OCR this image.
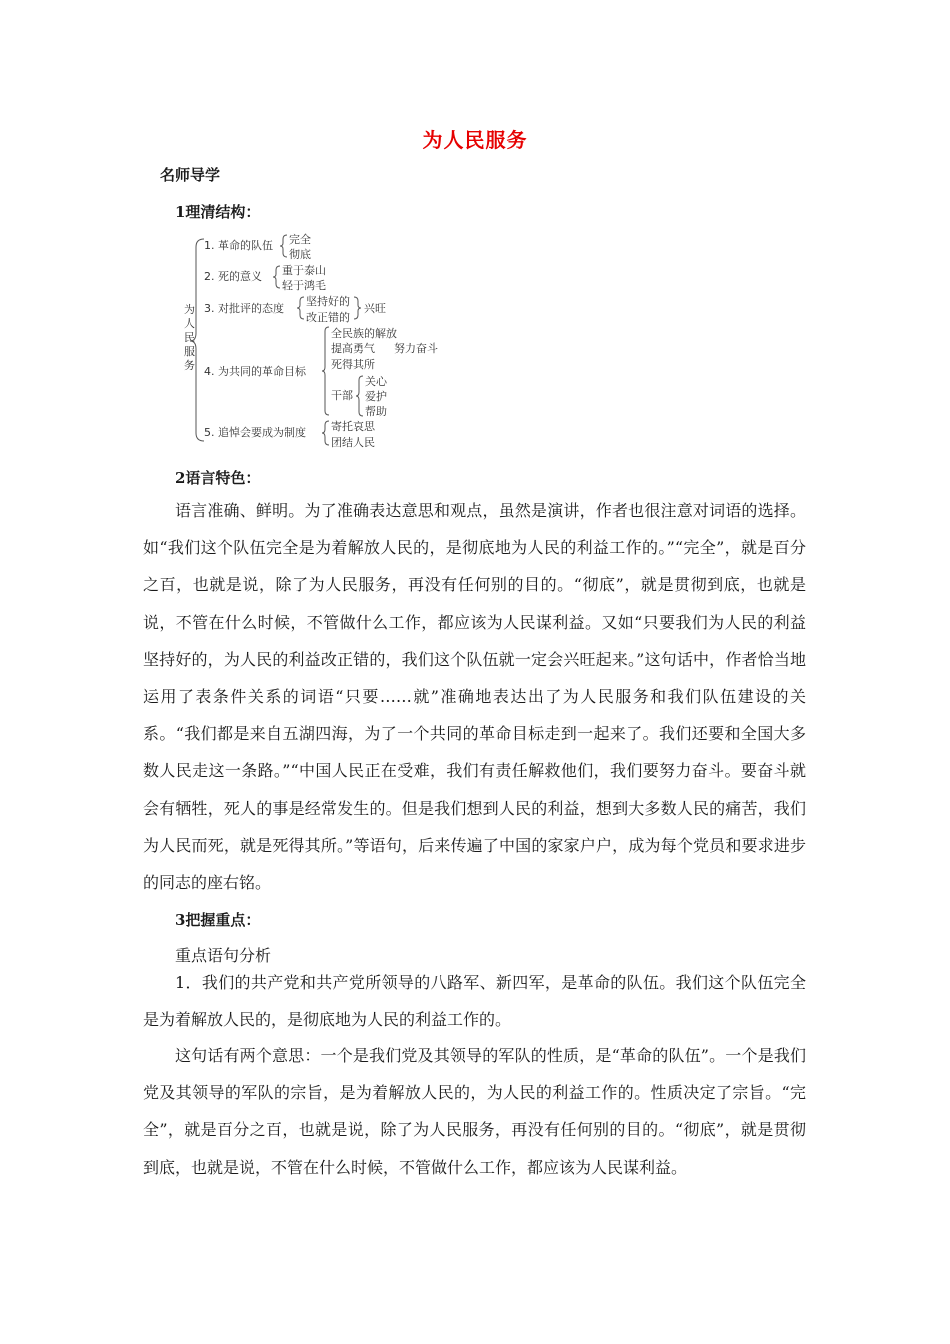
为人民服务
名师导学
1理清结构：
为
人
民
服
务
1. 革命的队伍
2. 死的意义
3. 对批评的态度
4. 为共同的革命目标
5. 追悼会要成为制度
完全
彻底
重于泰山
轻于鸿毛
坚持好的
改正错的
兴旺
全民族的解放
提高勇气 努力奋斗
死得其所
干部
关心
爱护
帮助
寄托哀思
团结人民
2语言特色：

语言准确、鲜明。为了准确表达意思和观点，虽然是演讲，作者也很注意对词语的选择。如“我们这个队伍完全是为着解放人民的，是彻底地为人民的利益工作的。”“完全”，就是百分之百，也就是说，除了为人民服务，再没有任何别的目的。“彻底”，就是贯彻到底，也就是说，不管在什么时候，不管做什么工作，都应该为人民谋利益。又如“只要我们为人民的利益坚持好的，为人民的利益改正错的，我们这个队伍就一定会兴旺起来。”这句话中，作者恰当地运用了表条件关系的词语“只要……就”准确地表达出了为人民服务和我们队伍建设的关系。“我们都是来自五湖四海，为了一个共同的革命目标走到一起来了。我们还要和全国大多数人民走这一条路。”“中国人民正在受难，我们有责任解救他们，我们要努力奋斗。要奋斗就会有牺牲，死人的事是经常发生的。但是我们想到人民的利益，想到大多数人民的痛苦，我们为人民而死，就是死得其所。”等语句，后来传遍了中国的家家户户，成为每个党员和要求进步的同志的座右铭。

3把握重点：
重点语句分析

1．我们的共产党和共产党所领导的八路军、新四军，是革命的队伍。我们这个队伍完全是为着解放人民的，是彻底地为人民的利益工作的。

这句话有两个意思：一个是我们党及其领导的军队的性质，是“革命的队伍”。一个是我们党及其领导的军队的宗旨，是为着解放人民的，为人民的利益工作的。性质决定了宗旨。“完全”，就是百分之百，也就是说，除了为人民服务，再没有任何别的目的。“彻底”，就是贯彻到底，也就是说，不管在什么时候，不管做什么工作，都应该为人民谋利益。
